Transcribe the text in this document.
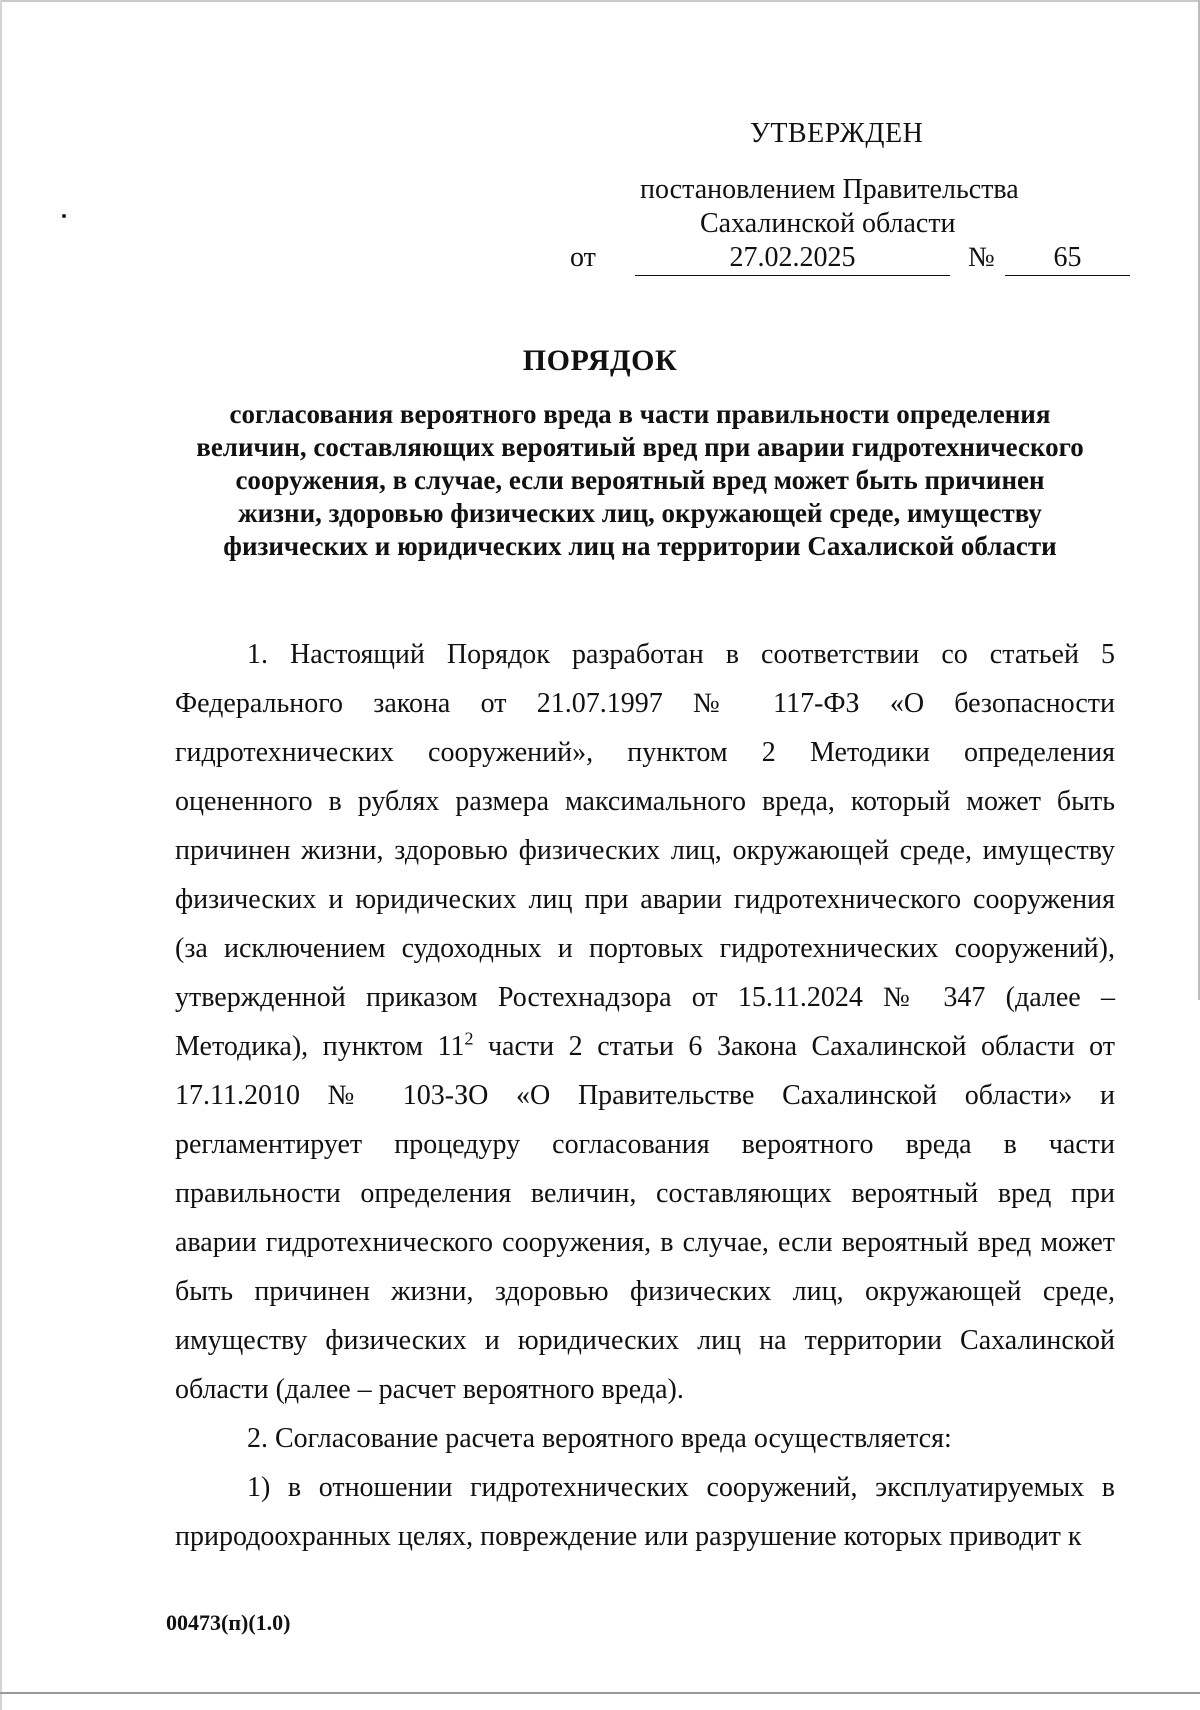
УТВЕРЖДЕН
постановлением Правительства
Сахалинской области
от	27.02.2025	№	65
ПОРЯДОК
согласования вероятного вреда в части правильности определения
величин, составляющих вероятиый вред при аварии гидротехнического
сооружения, в случае, если вероятный вред может быть причинен
жизни, здоровью физических лиц, окружающей среде, имуществу
физических и юридических лиц на территории Сахалиской области

1. Настоящий Порядок разработан в соответствии со статьей 5 Федерального закона от 21.07.1997 № 117-ФЗ «О безопасности гидротехнических сооружений», пунктом 2 Методики определения оцененного в рублях размера максимального вреда, который может быть причинен жизни, здоровью физических лиц, окружающей среде, имуществу физических и юридических лиц при аварии гидротехнического сооружения (за исключением судоходных и портовых гидротехнических сооружений), утвержденной приказом Ростехнадзора от 15.11.2024 № 347 (далее – Методика), пунктом $11^2$ части 2 статьи 6 Закона Сахалинской области от 17.11.2010 № 103-ЗО «О Правительстве Сахалинской области» и регламентирует процедуру согласования вероятного вреда в части правильности определения величин, составляющих вероятный вред при аварии гидротехнического сооружения, в случае, если вероятный вред может быть причинен жизни, здоровью физических лиц, окружающей среде, имуществу физических и юридических лиц на территории Сахалинской области (далее – расчет вероятного вреда).

2. Согласование расчета вероятного вреда осуществляется:

1) в отношении гидротехнических сооружений, эксплуатируемых в природоохранных целях, повреждение или разрушение которых приводит к

00473(п)(1.0)
